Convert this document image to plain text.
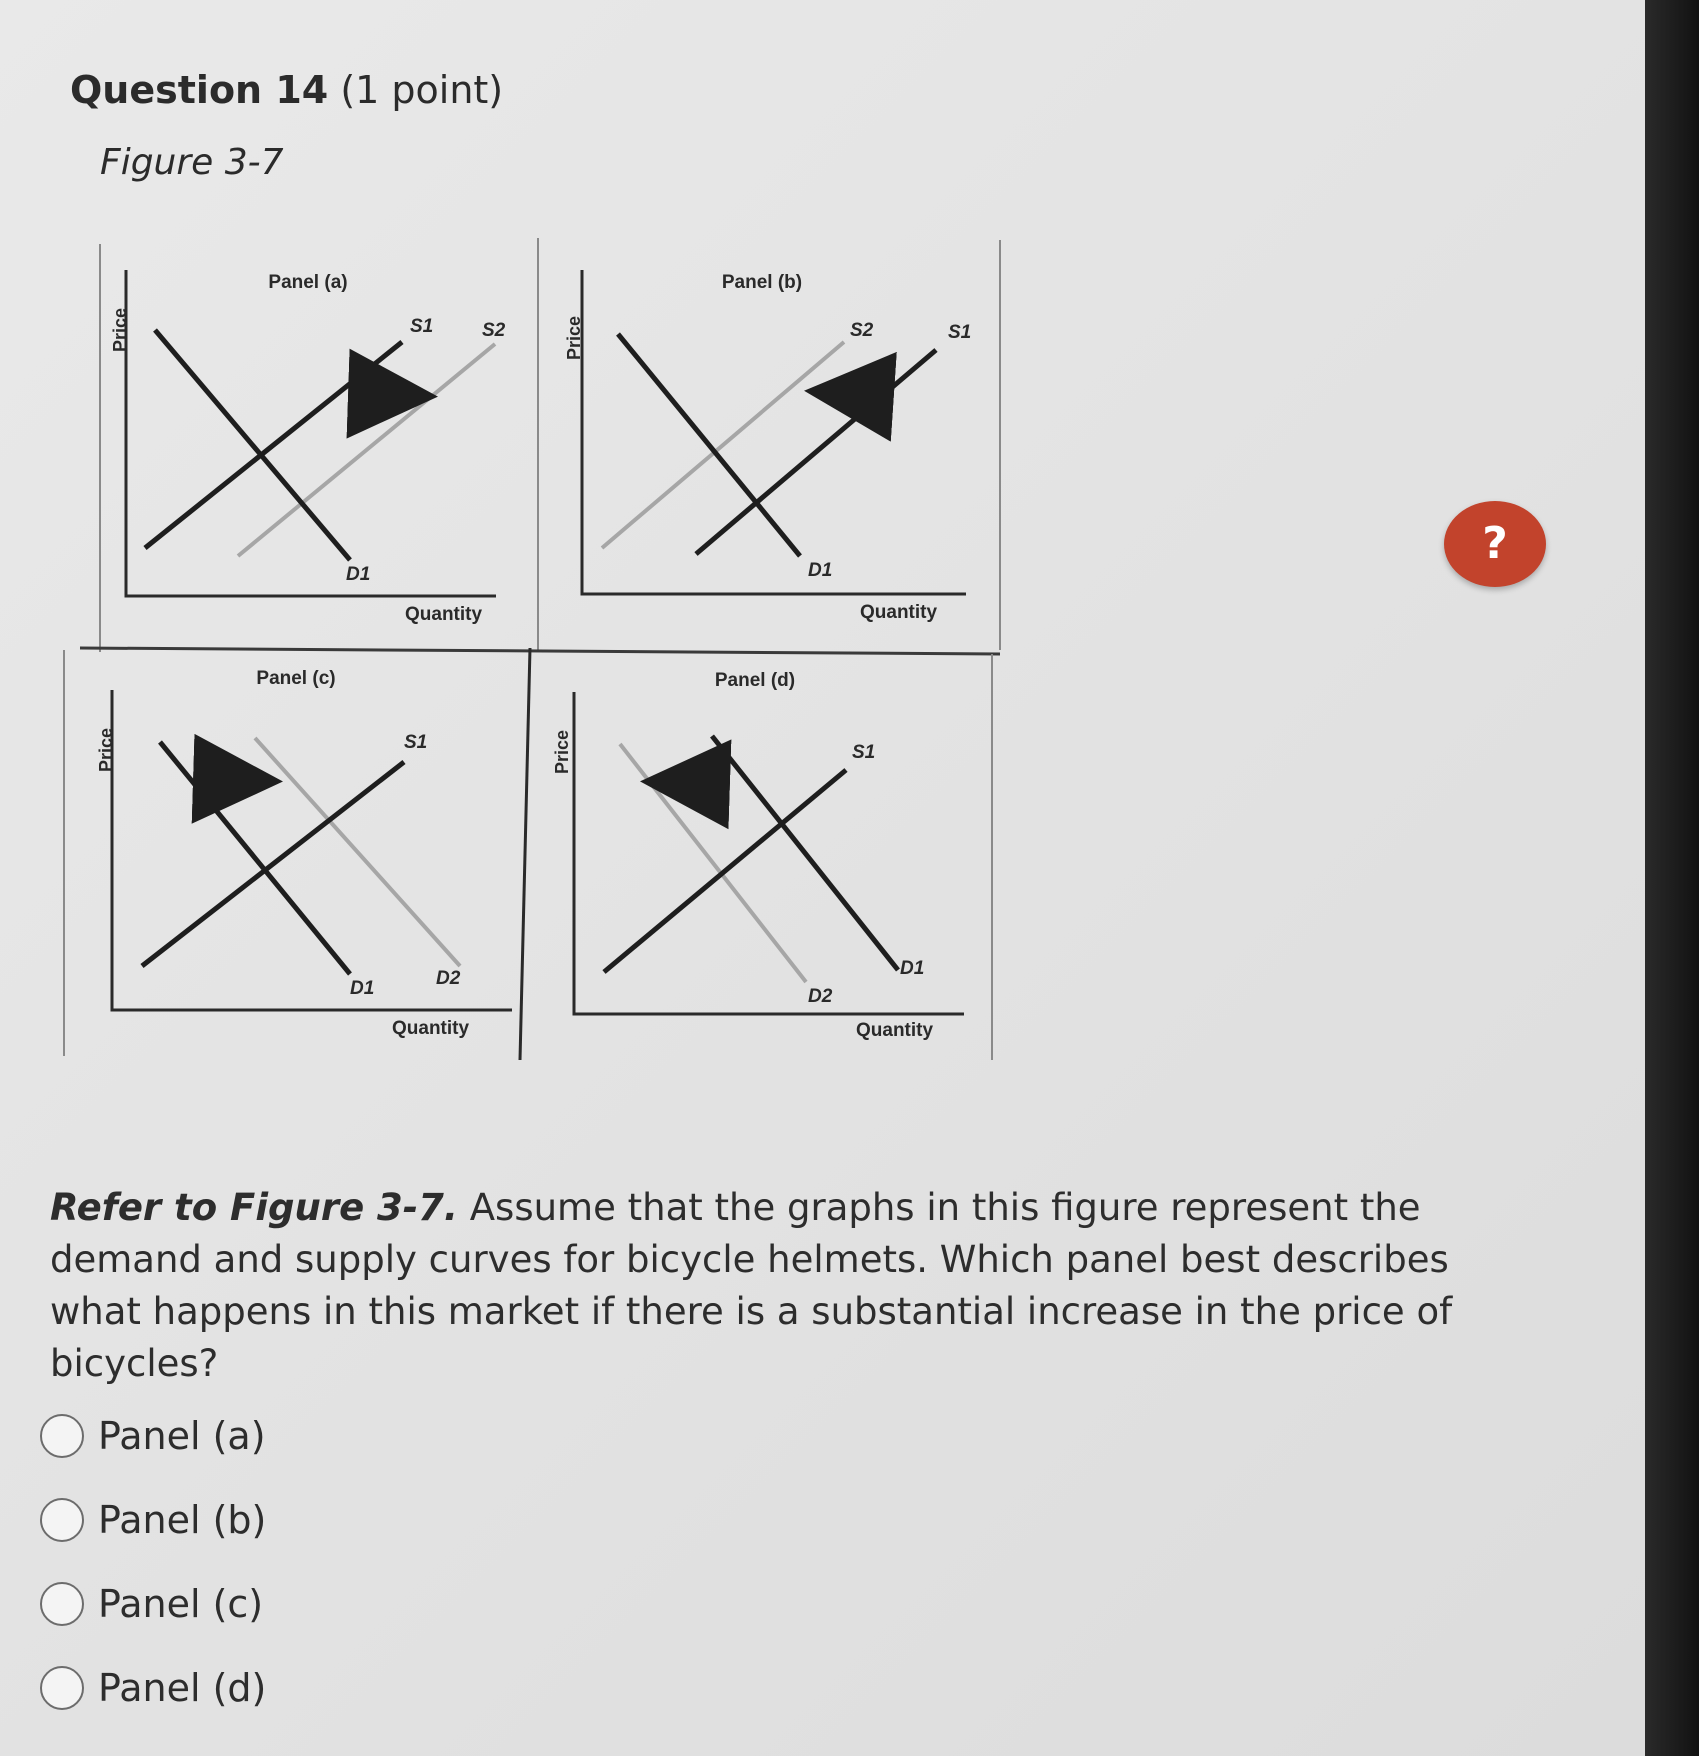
Question 14 (1 point)
Figure 3-7
Panel (a)
Price	S1	S2
D1
Quantity
Panel (b)
Price	S2	S1
D1
Quantity
Panel (c)
Price	S1
D1	D2
Quantity
Panel (d)
Price	S1
D1
D2
Quantity
?
Refer to Figure 3-7. Assume that the graphs in this figure represent the demand and supply curves for bicycle helmets. Which panel best describes what happens in this market if there is a substantial increase in the price of bicycles?
Panel (a)
Panel (b)
Panel (c)
Panel (d)
